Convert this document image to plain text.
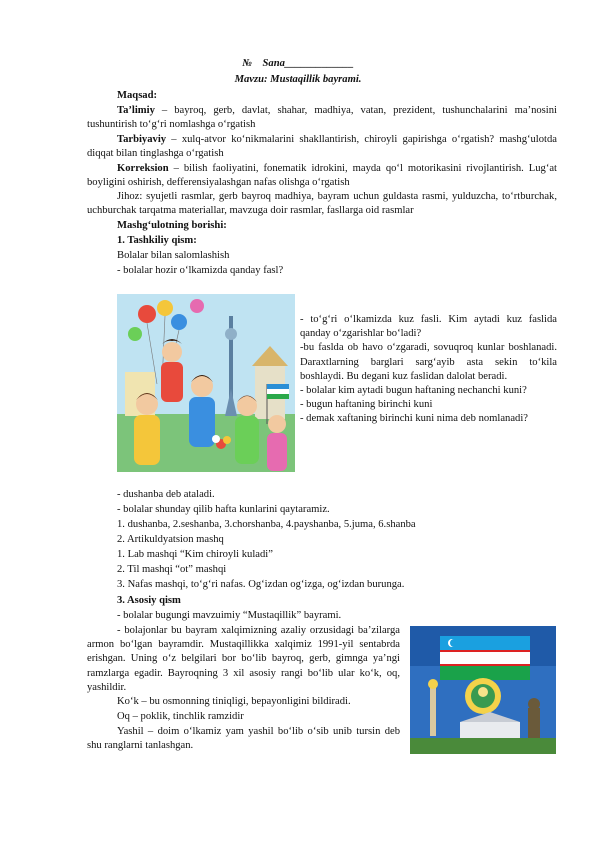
№ Sana_____________
Mavzu: Mustaqillik bayrami.
Maqsad:
Ta’limiy – bayroq, gerb, davlat, shahar, madhiya, vatan, prezident, tushunchalarini ma’nosini tushuntirish to‘g‘ri nomlashga o‘rgatish
Tarbiyaviy – xulq-atvor ko‘nikmalarini shakllantirish, chiroyli gapirishga o‘rgatish? mashg‘ulotda diqqat bilan tinglashga o‘rgatish
Korreksion – bilish faoliyatini, fonematik idrokini, mayda qo‘l motorikasini rivojlantirish. Lug‘at boyligini oshirish, defferensiyalashgan nafas olishga o‘rgatish
Jihoz: syujetli rasmlar, gerb bayroq madhiya, bayram uchun guldasta rasmi, yulduzcha, to‘rtburchak, uchburchak tarqatma materiallar, mavzuga doir rasmlar, fasllarga oid rasmlar
Mashg‘ulotning borishi:
1. Tashkiliy qism:
Bolalar bilan salomlashish
- bolalar hozir o‘lkamizda qanday fasl?
- to‘g‘ri o‘lkamizda kuz fasli. Kim aytadi kuz faslida qanday o‘zgarishlar bo‘ladi?
-bu faslda ob havo o‘zgaradi, sovuqroq kunlar boshlanadi. Daraxtlarning barglari sarg‘ayib asta sekin to‘kila boshlaydi. Bu degani kuz faslidan dalolat beradi.
- bolalar kim aytadi bugun haftaning nechanchi kuni?
- bugun haftaning birinchi kuni
- demak xaftaning birinchi kuni nima deb nomlanadi?
- dushanba deb ataladi.
- bolalar shunday qilib hafta kunlarini qaytaramiz.
1. dushanba, 2.seshanba, 3.chorshanba, 4.payshanba, 5.juma, 6.shanba
2. Artikuldyatsion mashq
1. Lab mashqi “Kim chiroyli kuladi”
2. Til mashqi “ot” mashqi
3. Nafas mashqi, to‘g‘ri nafas. Og‘izdan og‘izga, og‘izdan burunga.
3. Asosiy qism
- bolalar bugungi mavzuimiy “Mustaqillik” bayrami.
- bolajonlar bu bayram xalqimizning azaliy orzusidagi ba’zilarga armon bo‘lgan bayramdir. Mustaqillikka xalqimiz 1991-yil sentabrda erishgan. Uning o‘z belgilari bor bo‘lib bayroq, gerb, gimnga ya’ngi ramzlarga egadir. Bayroqning 3 xil asosiy rangi bo‘lib ular ko‘k, oq, yashildir.
Ko‘k – bu osmonning tiniqligi, bepayonligini bildiradi.
Oq – poklik, tinchlik ramzidir
Yashil – doim o‘lkamiz yam yashil bo‘lib o‘sib unib tursin deb shu ranglarni tanlashgan.
